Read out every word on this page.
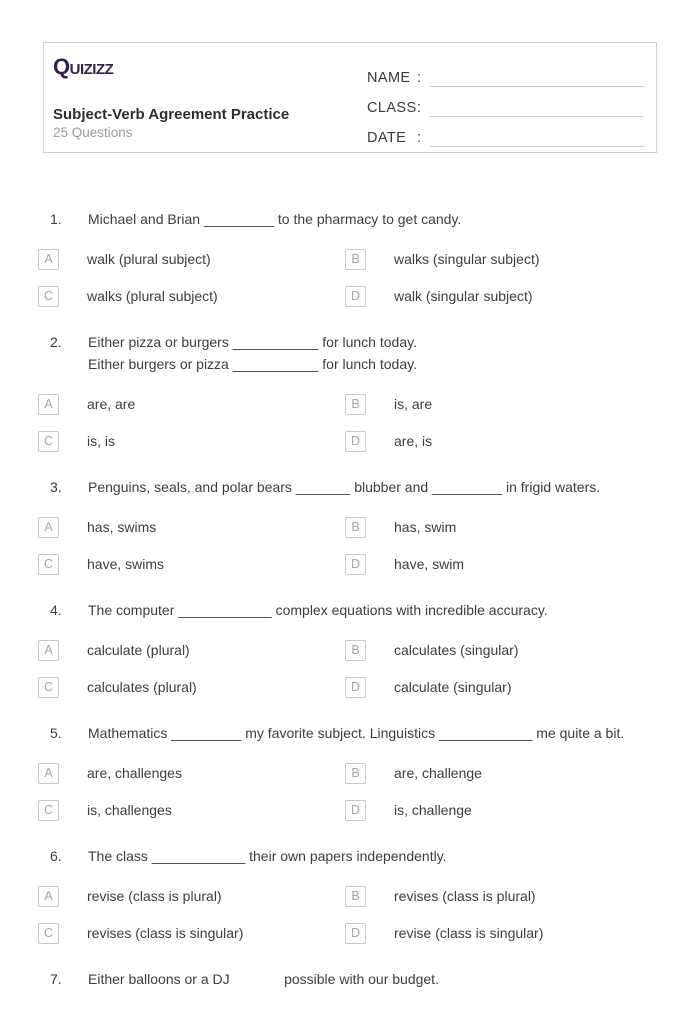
Quizizz
Subject-Verb Agreement Practice
25 Questions
NAME :
CLASS :
DATE :
1.	Michael and Brian _________ to the pharmacy to get candy.
A	walk (plural subject)	B	walks (singular subject)
C	walks (plural subject)	D	walk (singular subject)
2.	Either pizza or burgers ___________ for lunch today.
Either burgers or pizza ___________ for lunch today.
A	are, are	B	is, are
C	is, is	D	are, is
3.	Penguins, seals, and polar bears _______ blubber and _________ in frigid waters.
A	has, swims	B	has, swim
C	have, swims	D	have, swim
4.	The computer ____________ complex equations with incredible accuracy.
A	calculate (plural)	B	calculates (singular)
C	calculates (plural)	D	calculate (singular)
5.	Mathematics _________ my favorite subject. Linguistics ____________ me quite a bit.
A	are, challenges	B	are, challenge
C	is, challenges	D	is, challenge
6.	The class ____________ their own papers independently.
A	revise (class is plural)	B	revises (class is plural)
C	revises (class is singular)	D	revise (class is singular)
7.	Either balloons or a DJ              possible with our budget.
